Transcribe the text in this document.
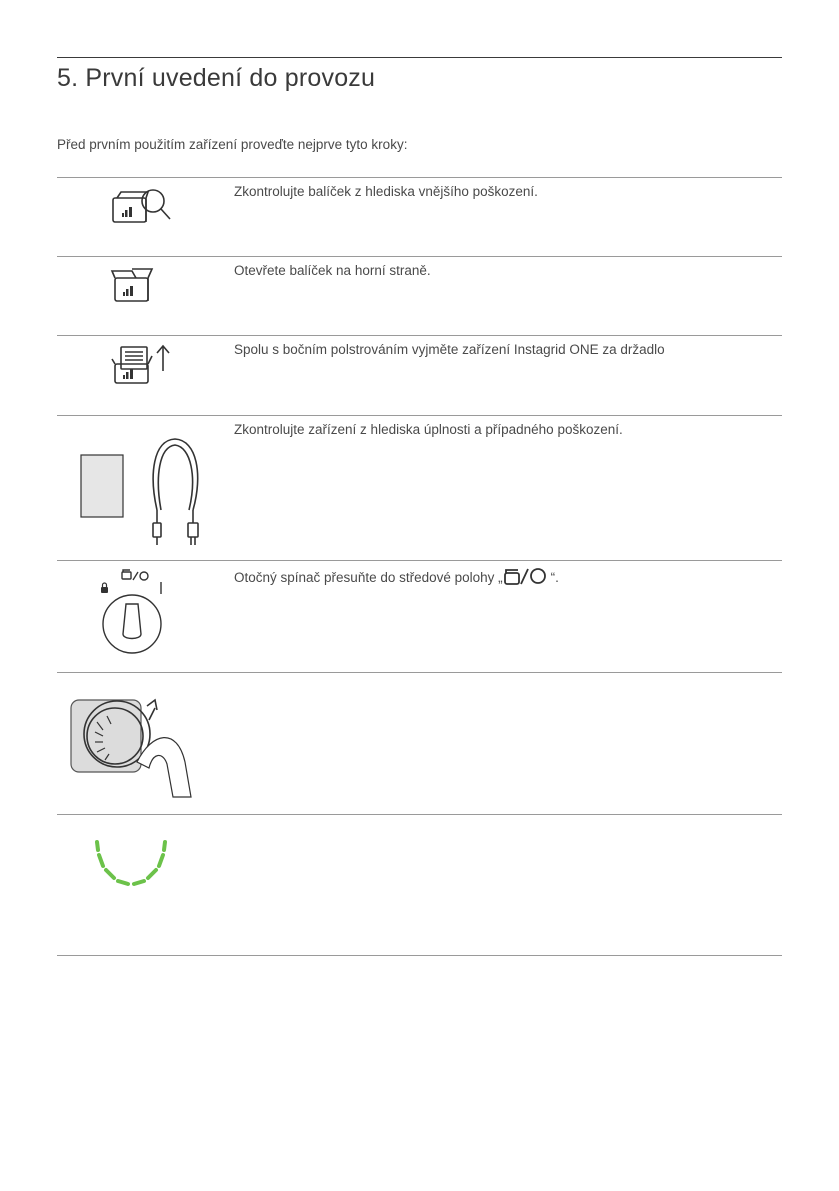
5. První uvedení do provozu
Před prvním použitím zařízení proveďte nejprve tyto kroky:
Zkontrolujte balíček z hlediska vnějšího poškození.
Otevřete balíček na horní straně.
Spolu s bočním polstrováním vyjměte zařízení Instagrid ONE za držadlo
Zkontrolujte zařízení z hlediska úplnosti a případného poškození.
Otočný spínač přesuňte do středové polohy „	“.
